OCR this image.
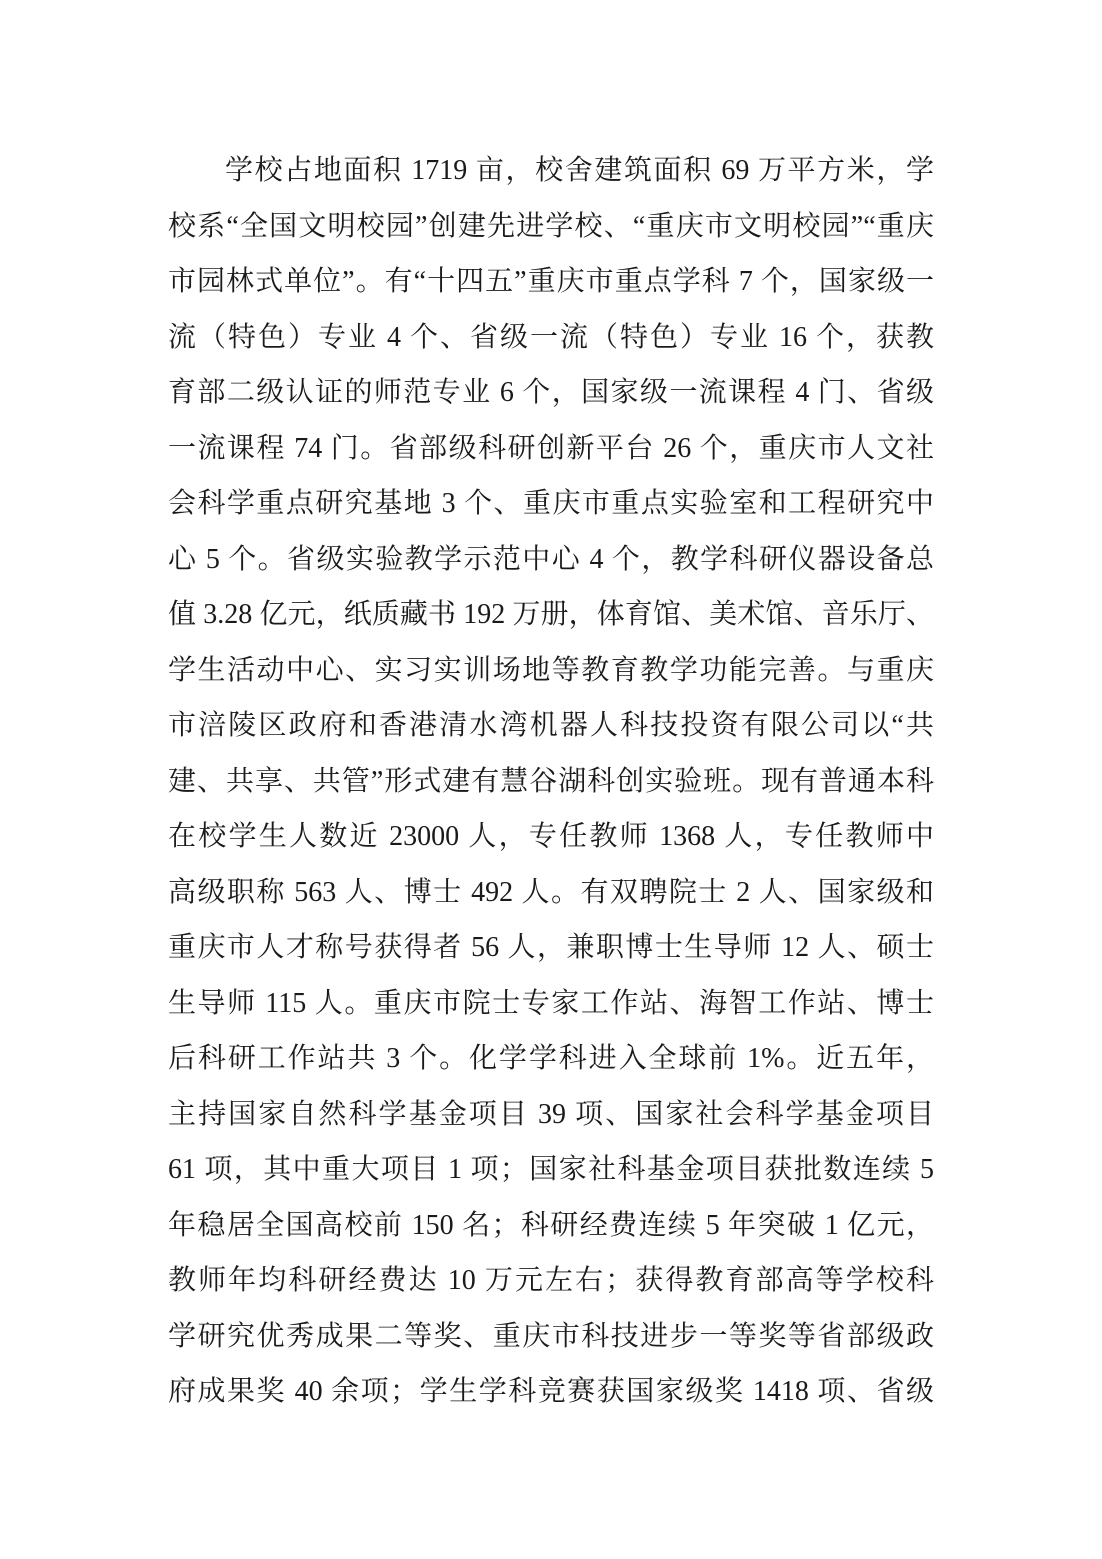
学校占地面积 1719 亩，校舍建筑面积 69 万平方米，学
校系“全国文明校园”创建先进学校、“重庆市文明校园”“重庆
市园林式单位”。有“十四五”重庆市重点学科 7 个，国家级一
流（特色）专业 4 个、省级一流（特色）专业 16 个，获教
育部二级认证的师范专业 6 个，国家级一流课程 4 门、省级
一流课程 74 门。省部级科研创新平台 26 个，重庆市人文社
会科学重点研究基地 3 个、重庆市重点实验室和工程研究中
心 5 个。省级实验教学示范中心 4 个，教学科研仪器设备总
值 3.28 亿元，纸质藏书 192 万册，体育馆、美术馆、音乐厅、
学生活动中心、实习实训场地等教育教学功能完善。与重庆
市涪陵区政府和香港清水湾机器人科技投资有限公司以“共
建、共享、共管”形式建有慧谷湖科创实验班。现有普通本科
在校学生人数近 23000 人，专任教师 1368 人，专任教师中
高级职称 563 人、博士 492 人。有双聘院士 2 人、国家级和
重庆市人才称号获得者 56 人，兼职博士生导师 12 人、硕士
生导师 115 人。重庆市院士专家工作站、海智工作站、博士
后科研工作站共 3 个。化学学科进入全球前 1%。近五年，
主持国家自然科学基金项目 39 项、国家社会科学基金项目
61 项，其中重大项目 1 项；国家社科基金项目获批数连续 5
年稳居全国高校前 150 名；科研经费连续 5 年突破 1 亿元，
教师年均科研经费达 10 万元左右；获得教育部高等学校科
学研究优秀成果二等奖、重庆市科技进步一等奖等省部级政
府成果奖 40 余项；学生学科竞赛获国家级奖 1418 项、省级
